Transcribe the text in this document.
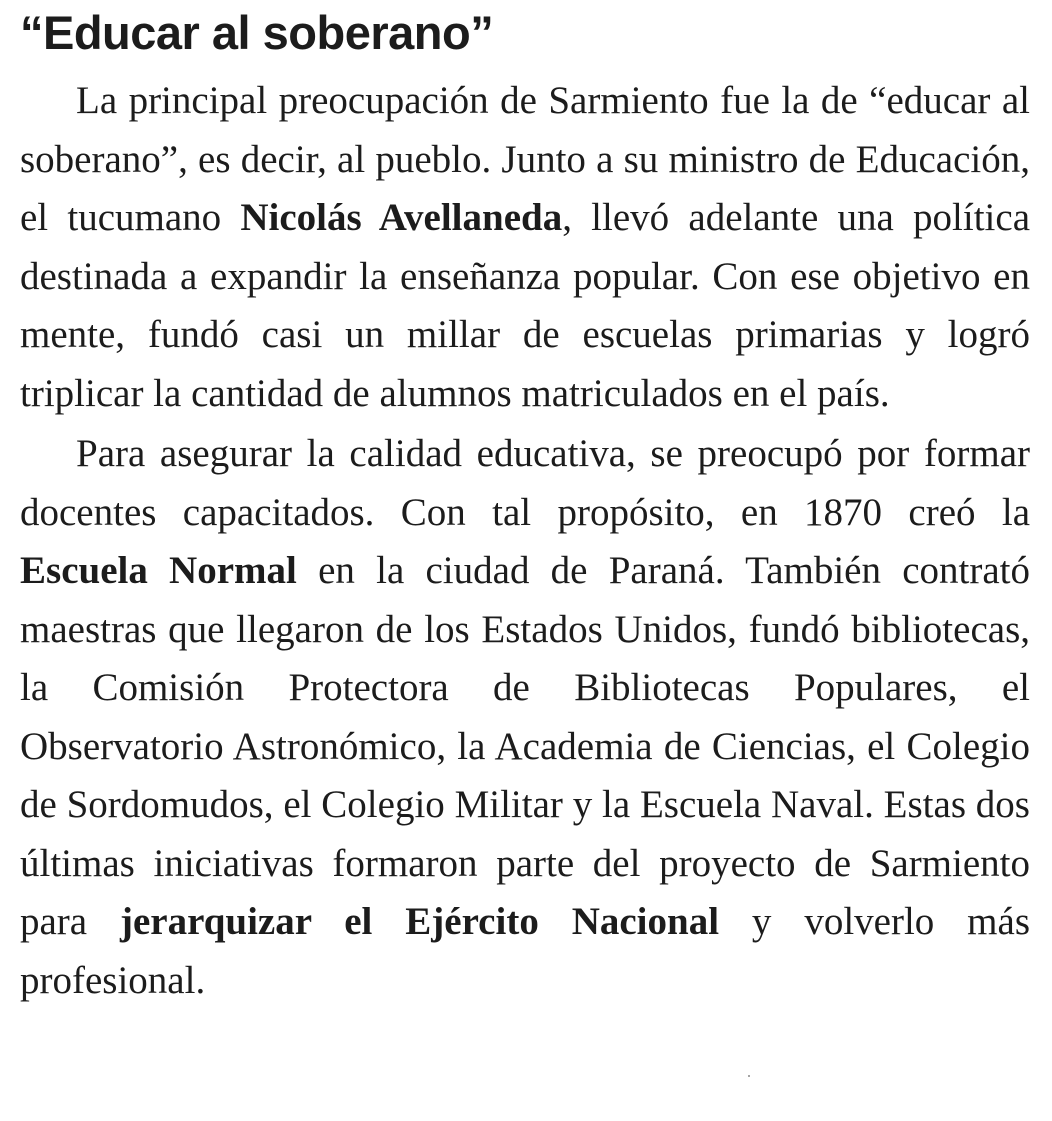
“Educar al soberano”

La principal preocupación de Sarmiento fue la de “educar al soberano”, es decir, al pueblo. Junto a su ministro de Educación, el tucumano Nicolás Avellaneda, llevó adelante una política destinada a expandir la enseñanza popular. Con ese objetivo en mente, fundó casi un millar de escuelas primarias y logró triplicar la cantidad de alumnos matriculados en el país.

Para asegurar la calidad educativa, se preocupó por formar docentes capacitados. Con tal propósito, en 1870 creó la Escuela Normal en la ciudad de Paraná. También contrató maestras que llegaron de los Estados Unidos, fundó bibliotecas, la Comisión Protectora de Bibliotecas Populares, el Observatorio Astronómico, la Academia de Ciencias, el Colegio de Sordomudos, el Colegio Militar y la Escuela Naval. Estas dos últimas iniciativas formaron parte del proyecto de Sarmiento para jerarquizar el Ejército Nacional y volverlo más profesional.
